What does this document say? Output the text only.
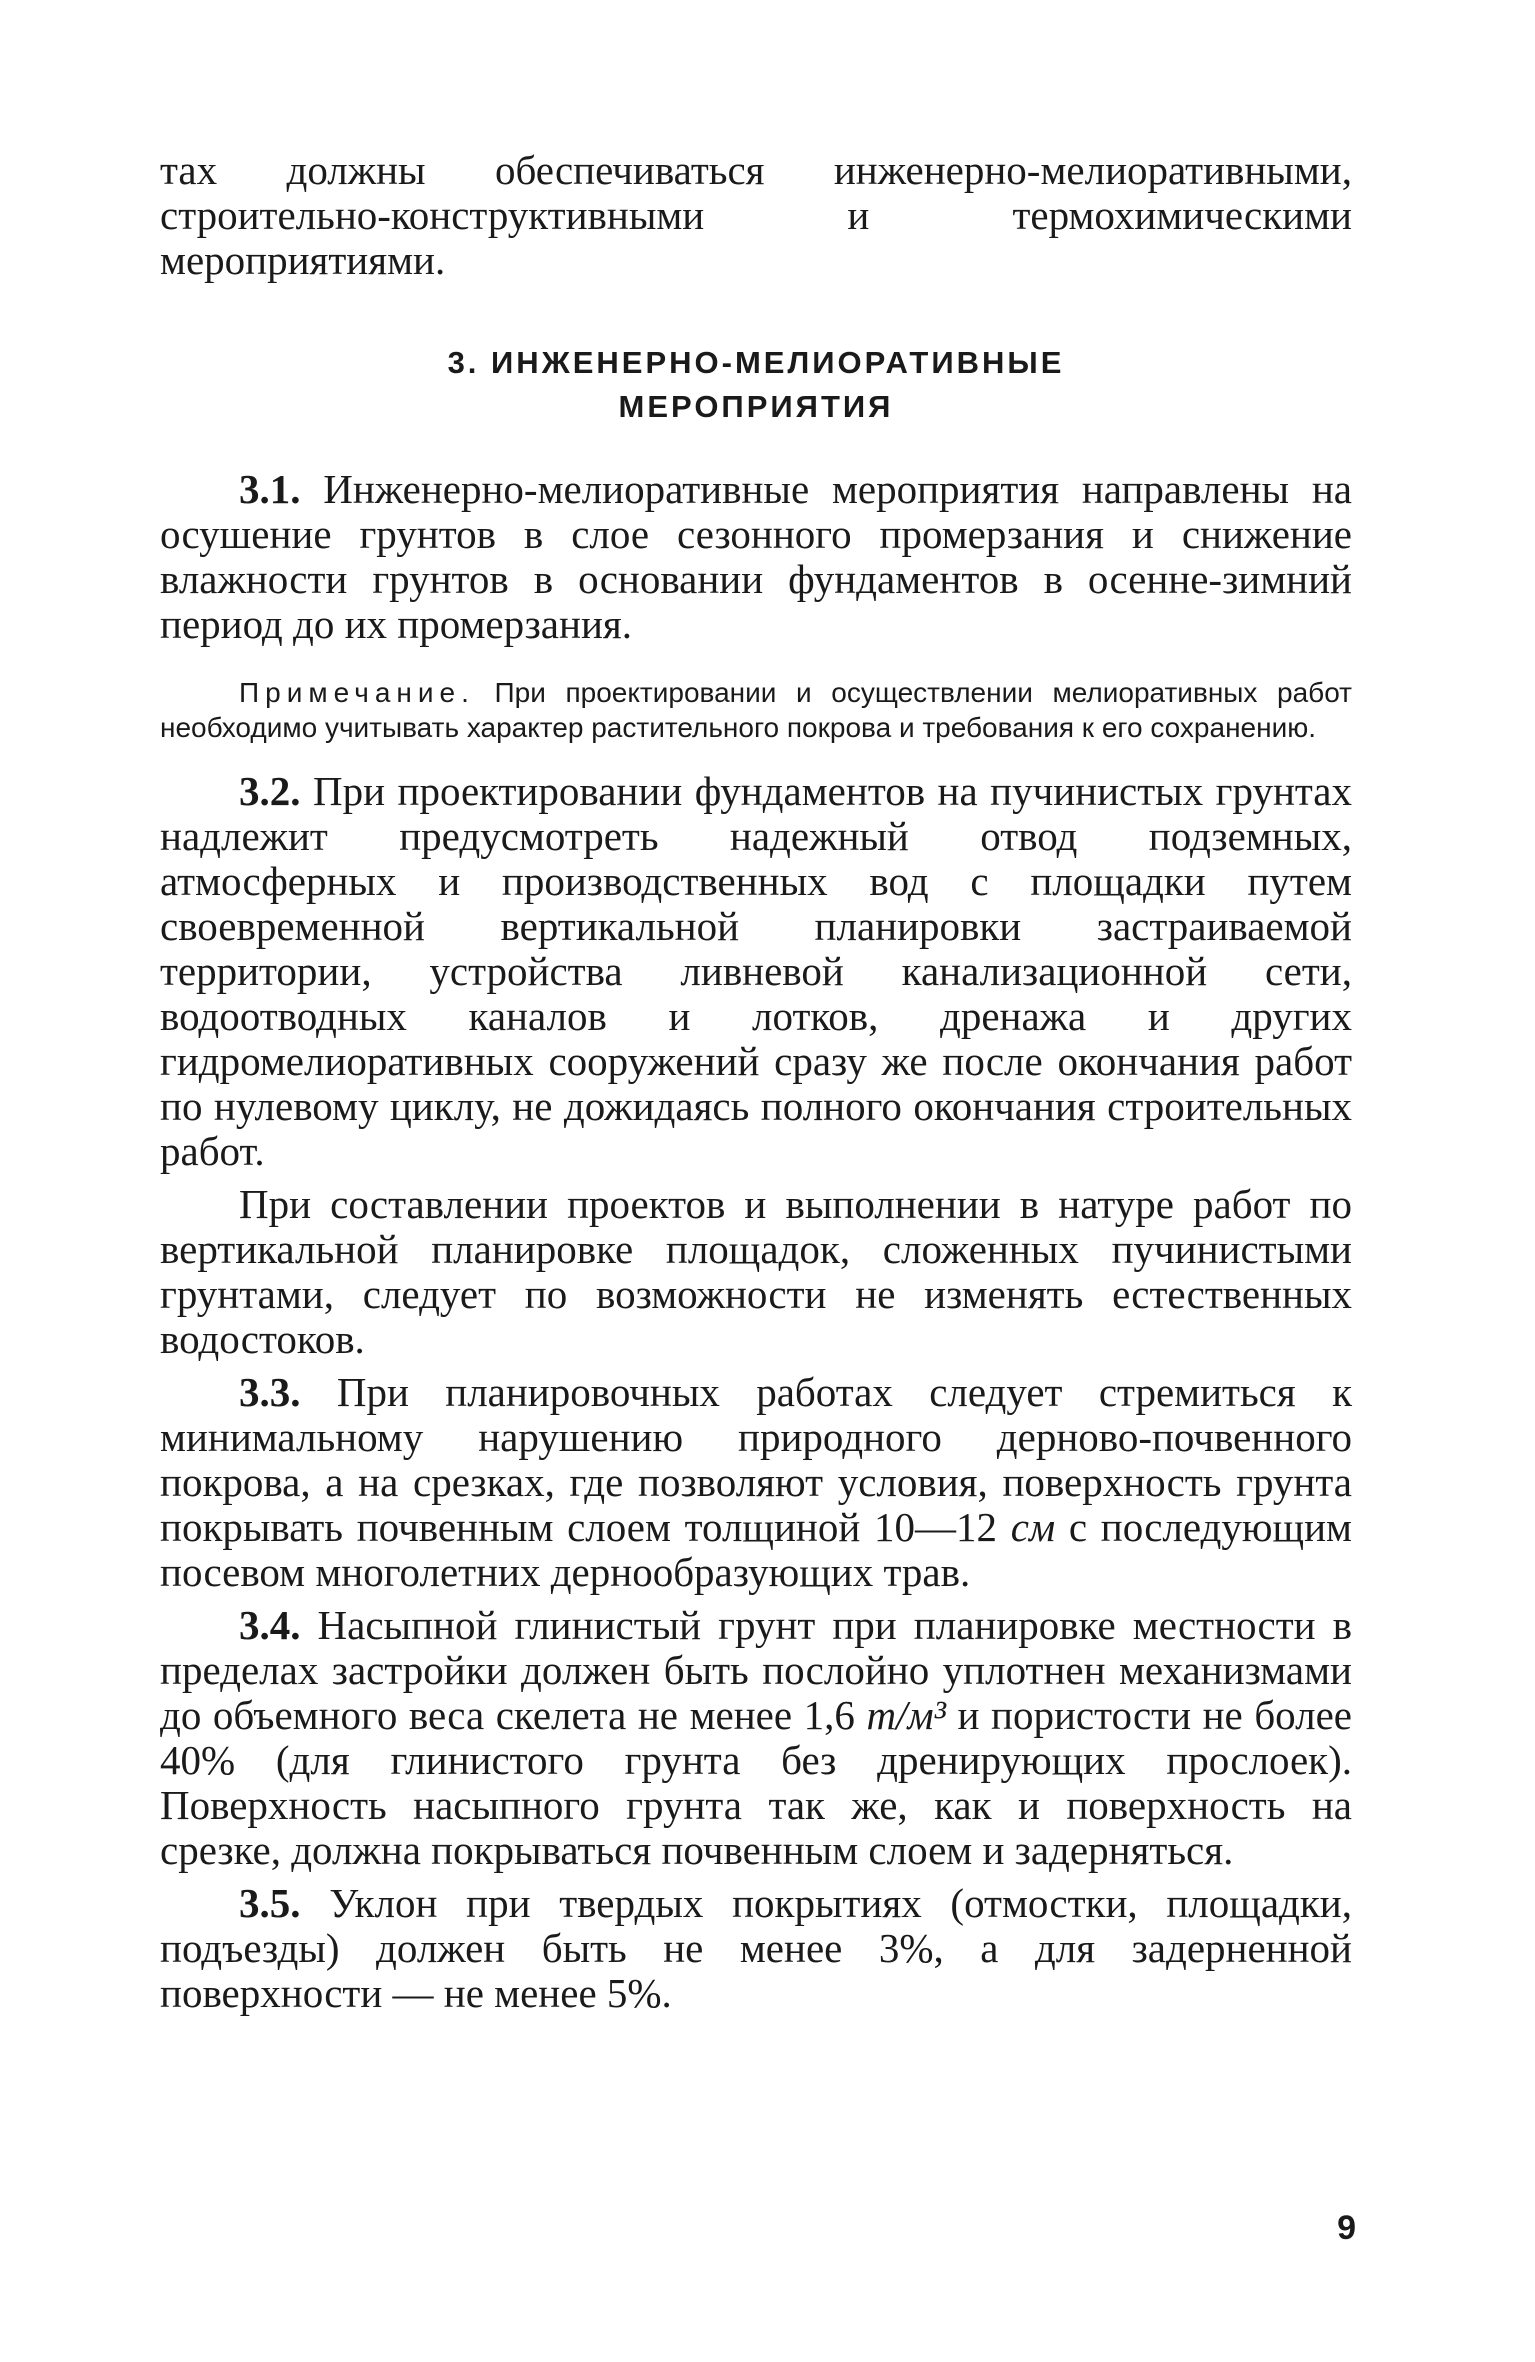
тах должны обеспечиваться инженерно-мелиоративными, строительно-конструктивными и термохимическими мероприятиями.

3. ИНЖЕНЕРНО-МЕЛИОРАТИВНЫЕ

МЕРОПРИЯТИЯ

3.1. Инженерно-мелиоративные мероприятия направлены на осушение грунтов в слое сезонного промерзания и снижение влажности грунтов в основании фундаментов в осенне-зимний период до их промерзания.

Примечание. При проектировании и осуществлении мелиоративных работ необходимо учитывать характер растительного покрова и требования к его сохранению.

3.2. При проектировании фундаментов на пучинистых грунтах надлежит предусмотреть надежный отвод подземных, атмосферных и производственных вод с площадки путем своевременной вертикальной планировки застраиваемой территории, устройства ливневой канализационной сети, водоотводных каналов и лотков, дренажа и других гидромелиоративных сооружений сразу же после окончания работ по нулевому циклу, не дожидаясь полного окончания строительных работ.

При составлении проектов и выполнении в натуре работ по вертикальной планировке площадок, сложенных пучинистыми грунтами, следует по возможности не изменять естественных водостоков.

3.3. При планировочных работах следует стремиться к минимальному нарушению природного дерново-почвенного покрова, а на срезках, где позволяют условия, поверхность грунта покрывать почвенным слоем толщиной 10—12 см с последующим посевом многолетних дернообразующих трав.

3.4. Насыпной глинистый грунт при планировке местности в пределах застройки должен быть послойно уплотнен механизмами до объемного веса скелета не менее 1,6 т/м³ и пористости не более 40% (для глинистого грунта без дренирующих прослоек). Поверхность насыпного грунта так же, как и поверхность на срезке, должна покрываться почвенным слоем и задерняться.

3.5. Уклон при твердых покрытиях (отмостки, площадки, подъезды) должен быть не менее 3%, а для задерненной поверхности — не менее 5%.

9
